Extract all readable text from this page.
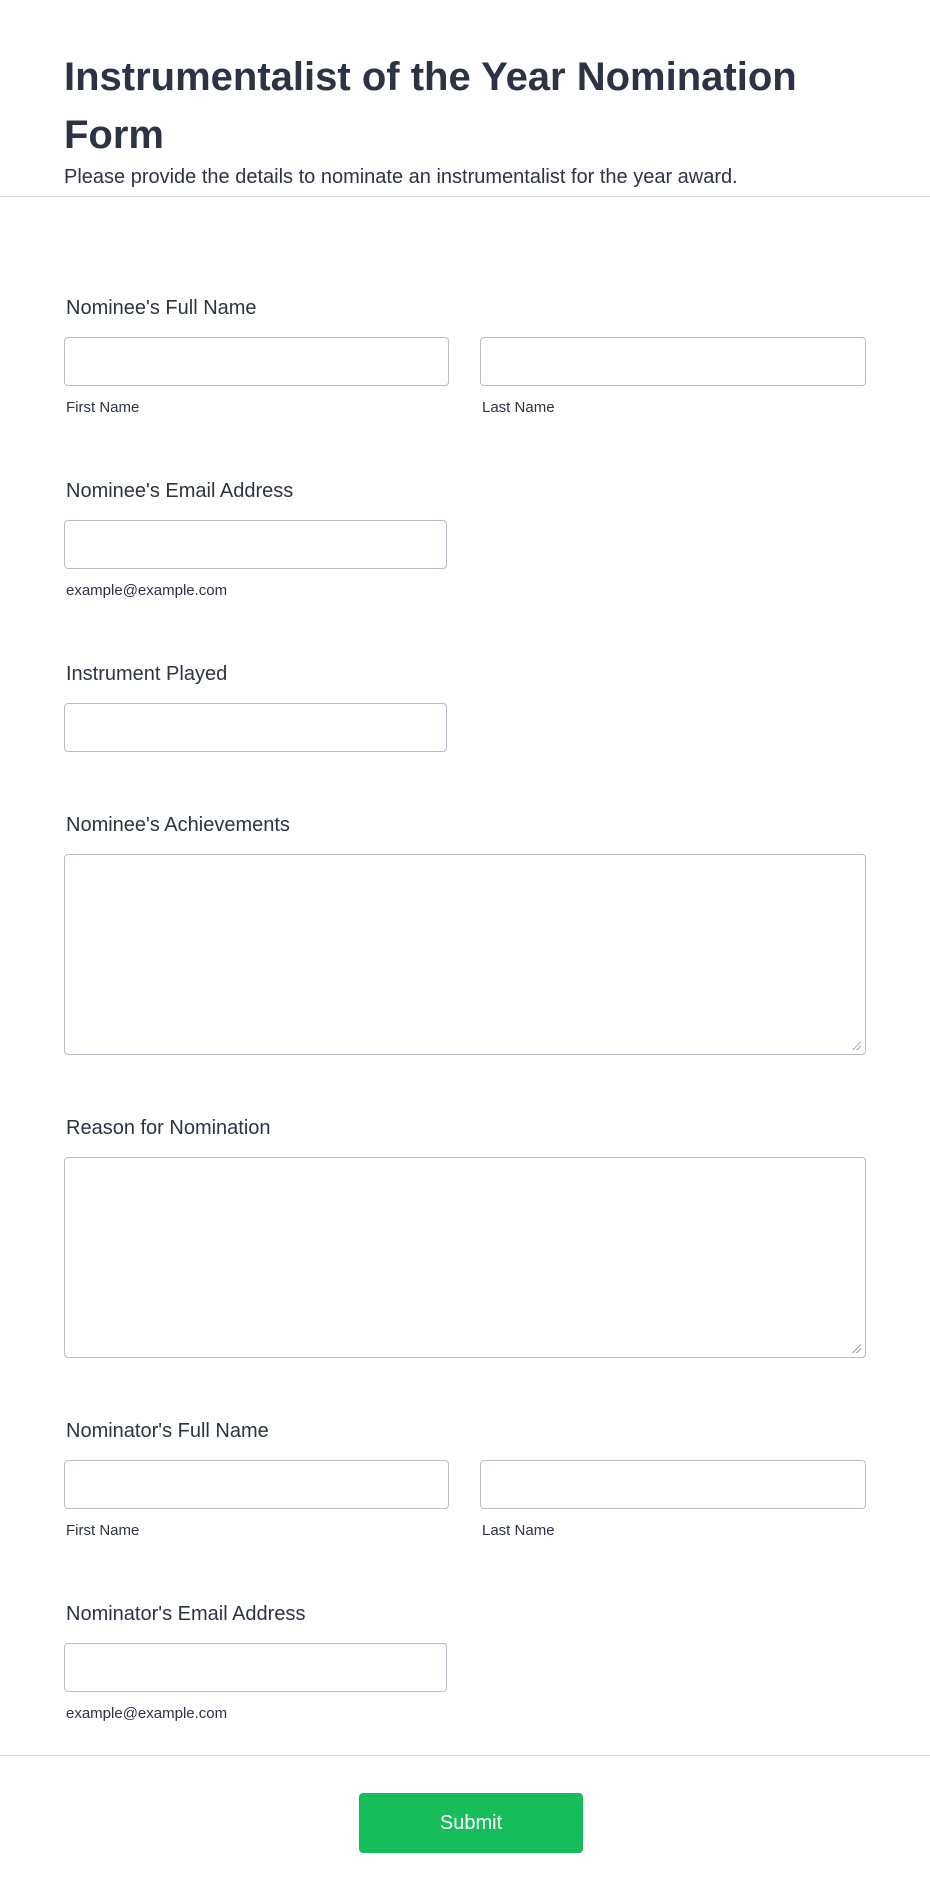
Instrumentalist of the Year Nomination Form

Please provide the details to nominate an instrumentalist for the year award.

Nominee's Full Name
First Name	Last Name
Nominee's Email Address
example@example.com
Instrument Played
Nominee's Achievements
Reason for Nomination
Nominator's Full Name
First Name	Last Name
Nominator's Email Address
example@example.com
Submit
